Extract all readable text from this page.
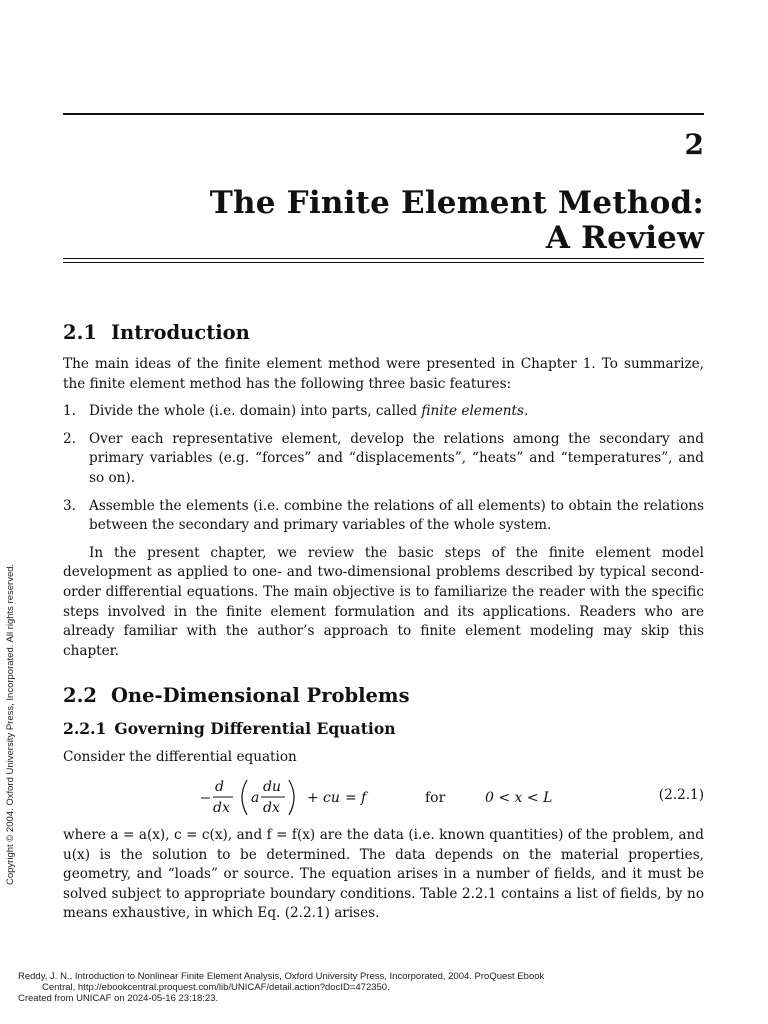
2
The Finite Element Method:
A Review
2.1 Introduction

The main ideas of the finite element method were presented in Chapter 1. To summarize, the finite element method has the following three basic features:

1. Divide the whole (i.e. domain) into parts, called finite elements.
2. Over each representative element, develop the relations among the secondary and primary variables (e.g. “forces” and “displacements”, “heats” and “temperatures”, and so on).
3. Assemble the elements (i.e. combine the relations of all elements) to obtain the relations between the secondary and primary variables of the whole system.

In the present chapter, we review the basic steps of the finite element model development as applied to one- and two-dimensional problems described by typical second-order differential equations. The main objective is to familiarize the reader with the specific steps involved in the finite element formulation and its applications. Readers who are already familiar with the author’s approach to finite element modeling may skip this chapter.

2.2 One-Dimensional Problems
2.2.1 Governing Differential Equation

Consider the differential equation

d
dx
a
du
dx
+ cu = f	for	0 < x < L	(2.2.1)

where a = a(x), c = c(x), and f = f(x) are the data (i.e. known quantities) of the problem, and u(x) is the solution to be determined. The data depends on the material properties, geometry, and “loads” or source. The equation arises in a number of fields, and it must be solved subject to appropriate boundary conditions. Table 2.2.1 contains a list of fields, by no means exhaustive, in which Eq. (2.2.1) arises.

Copyright © 2004. Oxford University Press, Incorporated. All rights reserved.
Reddy, J. N.. Introduction to Nonlinear Finite Element Analysis, Oxford University Press, Incorporated, 2004. ProQuest Ebook
Central, http://ebookcentral.proquest.com/lib/UNICAF/detail.action?docID=472350.
Created from UNICAF on 2024-05-16 23:18:23.
